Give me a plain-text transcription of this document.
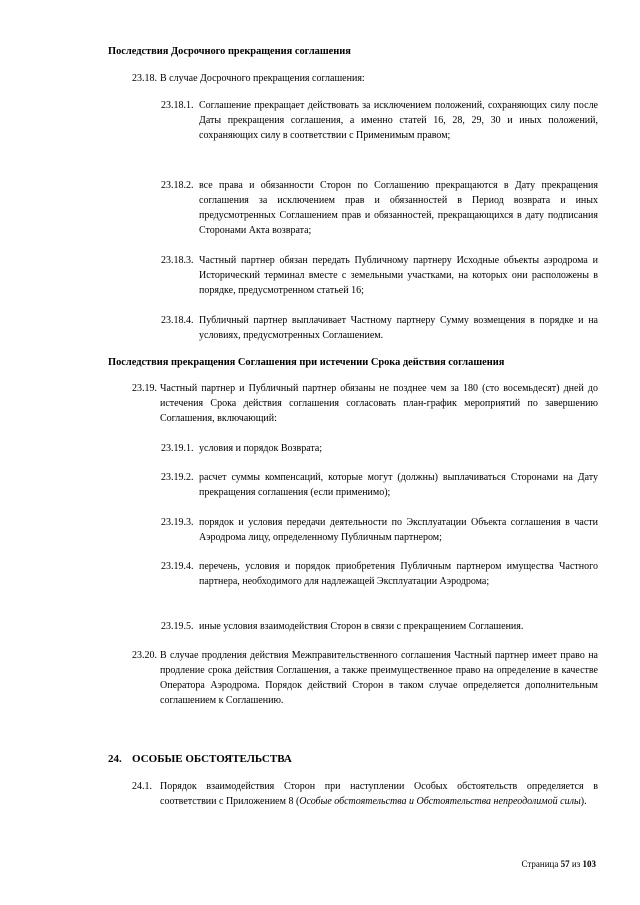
Последствия Досрочного прекращения соглашения
23.18. В случае Досрочного прекращения соглашения:
23.18.1. Соглашение прекращает действовать за исключением положений, сохраняющих силу после Даты прекращения соглашения, а именно статей 16, 28, 29, 30 и иных положений, сохраняющих силу в соответствии с Применимым правом;
23.18.2. все права и обязанности Сторон по Соглашению прекращаются в Дату прекращения соглашения за исключением прав и обязанностей в Период возврата и иных предусмотренных Соглашением прав и обязанностей, прекращающихся в дату подписания Сторонами Акта возврата;
23.18.3. Частный партнер обязан передать Публичному партнеру Исходные объекты аэродрома и Исторический терминал вместе с земельными участками, на которых они расположены в порядке, предусмотренном статьей 16;
23.18.4. Публичный партнер выплачивает Частному партнеру Сумму возмещения в порядке и на условиях, предусмотренных Соглашением.
Последствия прекращения Соглашения при истечении Срока действия соглашения
23.19. Частный партнер и Публичный партнер обязаны не позднее чем за 180 (сто восемьдесят) дней до истечения Срока действия соглашения согласовать план-график мероприятий по завершению Соглашения, включающий:
23.19.1. условия и порядок Возврата;
23.19.2. расчет суммы компенсаций, которые могут (должны) выплачиваться Сторонами на Дату прекращения соглашения (если применимо);
23.19.3. порядок и условия передачи деятельности по Эксплуатации Объекта соглашения в части Аэродрома лицу, определенному Публичным партнером;
23.19.4. перечень, условия и порядок приобретения Публичным партнером имущества Частного партнера, необходимого для надлежащей Эксплуатации Аэродрома;
23.19.5. иные условия взаимодействия Сторон в связи с прекращением Соглашения.
23.20. В случае продления действия Межправительственного соглашения Частный партнер имеет право на продление срока действия Соглашения, а также преимущественное право на определение в качестве Оператора Аэродрома. Порядок действий Сторон в таком случае определяется дополнительным соглашением к Соглашению.
24. ОСОБЫЕ ОБСТОЯТЕЛЬСТВА
24.1. Порядок взаимодействия Сторон при наступлении Особых обстоятельств определяется в соответствии с Приложением 8 (Особые обстоятельства и Обстоятельства непреодолимой силы).
Страница 57 из 103
